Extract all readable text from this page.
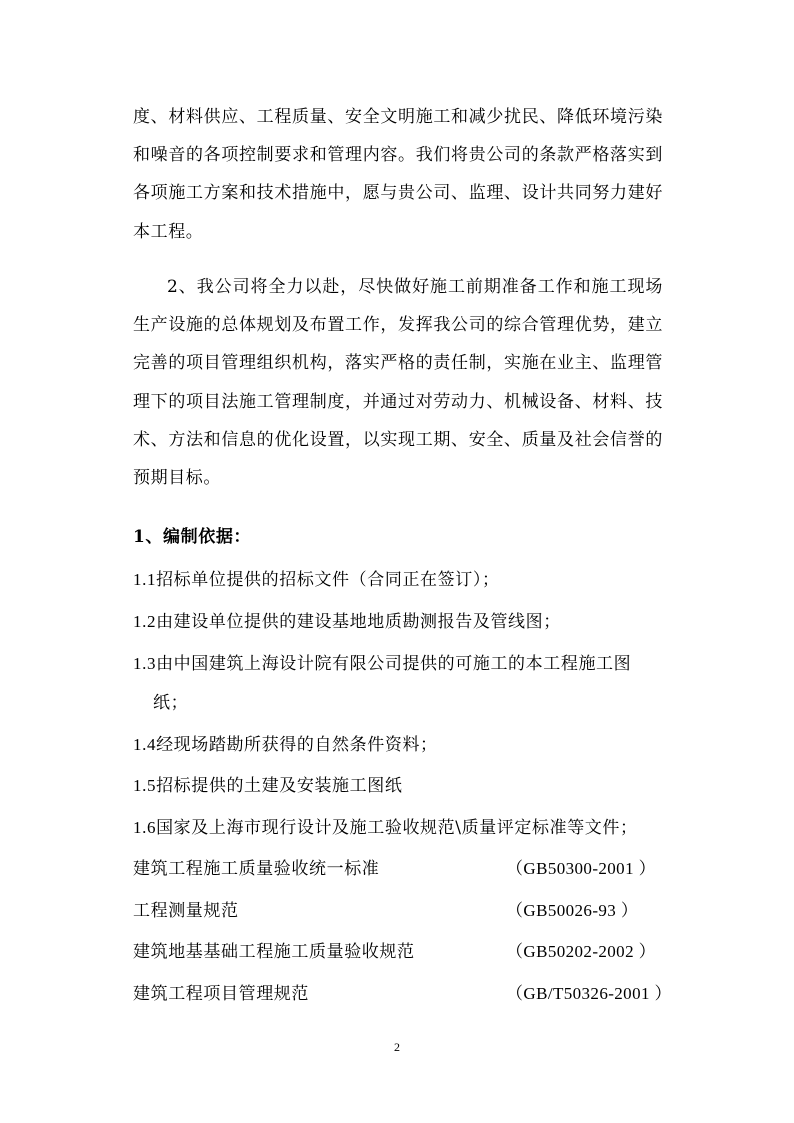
度、材料供应、工程质量、安全文明施工和减少扰民、降低环境污染和噪音的各项控制要求和管理内容。我们将贵公司的条款严格落实到各项施工方案和技术措施中，愿与贵公司、监理、设计共同努力建好本工程。
2、我公司将全力以赴，尽快做好施工前期准备工作和施工现场生产设施的总体规划及布置工作，发挥我公司的综合管理优势，建立完善的项目管理组织机构，落实严格的责任制，实施在业主、监理管理下的项目法施工管理制度，并通过对劳动力、机械设备、材料、技术、方法和信息的优化设置，以实现工期、安全、质量及社会信誉的预期目标。
1、编制依据：
1.1招标单位提供的招标文件（合同正在签订）；
1.2由建设单位提供的建设基地地质勘测报告及管线图；
1.3由中国建筑上海设计院有限公司提供的可施工的本工程施工图
纸；
1.4经现场踏勘所获得的自然条件资料；
1.5招标提供的土建及安装施工图纸
1.6国家及上海市现行设计及施工验收规范\质量评定标准等文件；
建筑工程施工质量验收统一标准	（GB50300-2001 ）
工程测量规范	（GB50026-93 ）
建筑地基基础工程施工质量验收规范	（GB50202-2002 ）
建筑工程项目管理规范	（GB/T50326-2001 ）
2
